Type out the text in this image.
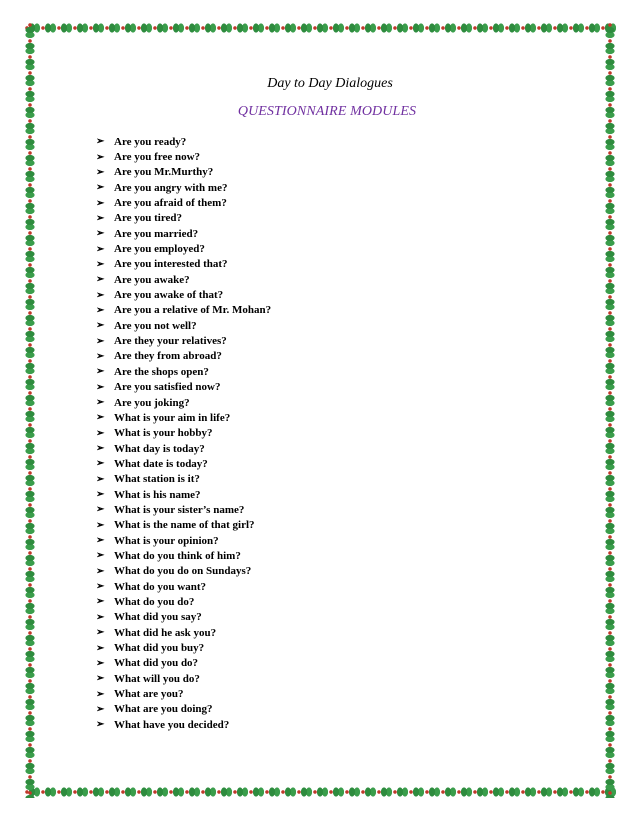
Day to Day Dialogues
QUESTIONNAIRE MODULES
➢ Are you ready?
➢ Are you free now?
➢ Are you Mr.Murthy?
➢ Are you angry with me?
➢ Are you afraid of them?
➢ Are you tired?
➢ Are you married?
➢ Are you employed?
➢ Are you interested that?
➢ Are you awake?
➢ Are you awake of that?
➢ Are you a relative of Mr. Mohan?
➢ Are you not well?
➢ Are they your relatives?
➢ Are they from abroad?
➢ Are the shops open?
➢ Are you satisfied now?
➢ Are you joking?
➢ What is your aim in life?
➢ What is your hobby?
➢ What day is today?
➢ What date is today?
➢ What station is it?
➢ What is his name?
➢ What is your sister’s name?
➢ What is the name of that girl?
➢ What is your opinion?
➢ What do you think of him?
➢ What do you do on Sundays?
➢ What do you want?
➢ What do you do?
➢ What did you say?
➢ What did he ask you?
➢ What did you buy?
➢ What did you do?
➢ What will you do?
➢ What are you?
➢ What are you doing?
➢ What have you decided?
